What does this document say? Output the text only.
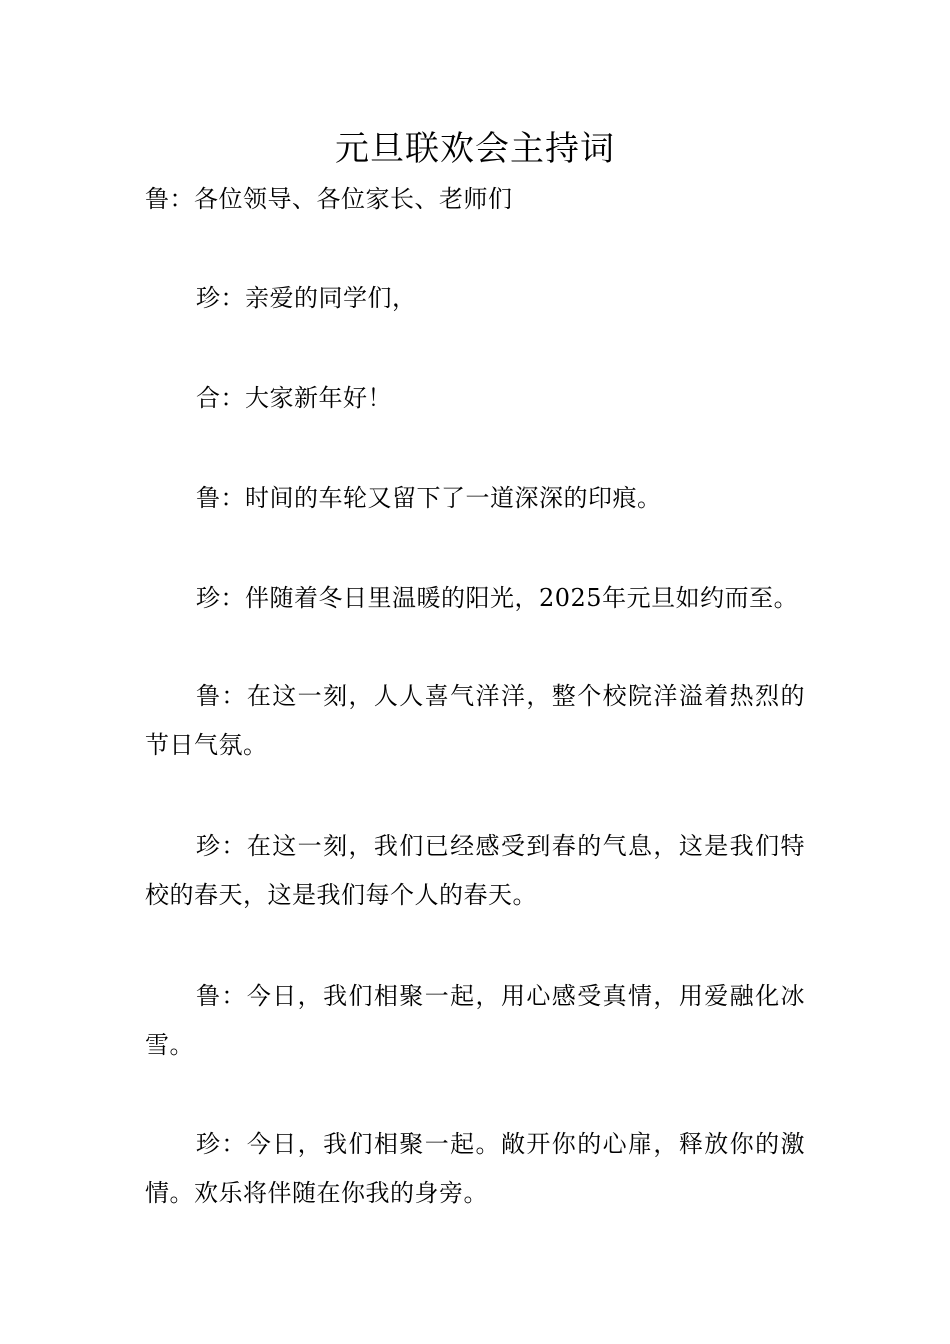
元旦联欢会主持词

鲁：各位领导、各位家长、老师们

珍：亲爱的同学们，

合：大家新年好！

鲁：时间的车轮又留下了一道深深的印痕。

珍：伴随着冬日里温暖的阳光，2025年元旦如约而至。

鲁：在这一刻，人人喜气洋洋，整个校院洋溢着热烈的节日气氛。

珍：在这一刻，我们已经感受到春的气息，这是我们特校的春天，这是我们每个人的春天。

鲁：今日，我们相聚一起，用心感受真情，用爱融化冰雪。

珍：今日，我们相聚一起。敞开你的心扉，释放你的激情。欢乐将伴随在你我的身旁。
